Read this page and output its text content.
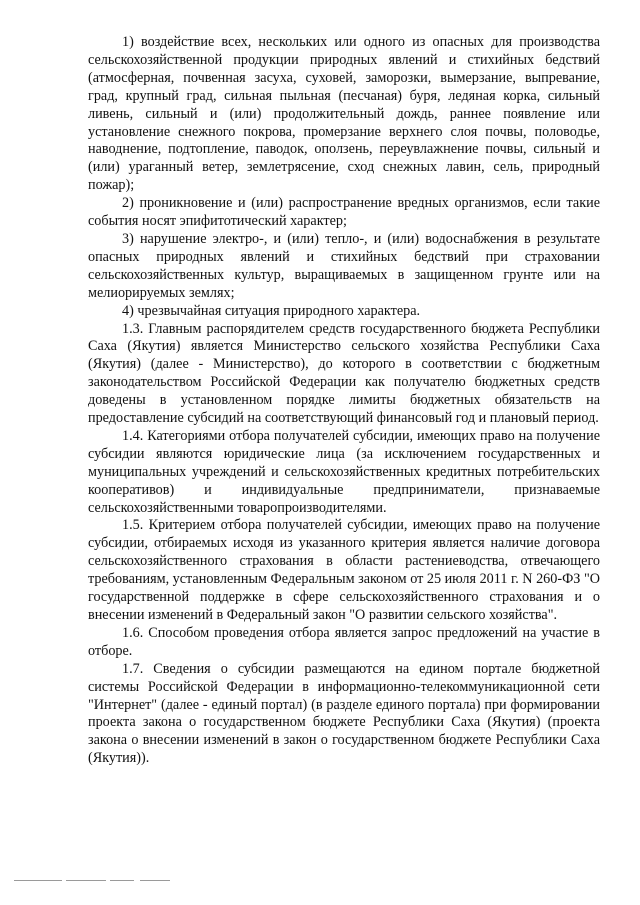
1) воздействие всех, нескольких или одного из опасных для производства сельскохозяйственной продукции природных явлений и стихийных бедствий (атмосферная, почвенная засуха, суховей, заморозки, вымерзание, выпревание, град, крупный град, сильная пыльная (песчаная) буря, ледяная корка, сильный ливень, сильный и (или) продолжительный дождь, раннее появление или установление снежного покрова, промерзание верхнего слоя почвы, половодье, наводнение, подтопление, паводок, оползень, переувлажнение почвы, сильный и (или) ураганный ветер, землетрясение, сход снежных лавин, сель, природный пожар);

2) проникновение и (или) распространение вредных организмов, если такие события носят эпифитотический характер;

3) нарушение электро-, и (или) тепло-, и (или) водоснабжения в результате опасных природных явлений и стихийных бедствий при страховании сельскохозяйственных культур, выращиваемых в защищенном грунте или на мелиорируемых землях;

4) чрезвычайная ситуация природного характера.

1.3. Главным распорядителем средств государственного бюджета Республики Саха (Якутия) является Министерство сельского хозяйства Республики Саха (Якутия) (далее - Министерство), до которого в соответствии с бюджетным законодательством Российской Федерации как получателю бюджетных средств доведены в установленном порядке лимиты бюджетных обязательств на предоставление субсидий на соответствующий финансовый год и плановый период.

1.4. Категориями отбора получателей субсидии, имеющих право на получение субсидии являются юридические лица (за исключением государственных и муниципальных учреждений и сельскохозяйственных кредитных потребительских кооперативов) и индивидуальные предприниматели, признаваемые сельскохозяйственными товаропроизводителями.

1.5. Критерием отбора получателей субсидии, имеющих право на получение субсидии, отбираемых исходя из указанного критерия является наличие договора сельскохозяйственного страхования в области растениеводства, отвечающего требованиям, установленным Федеральным законом от 25 июля 2011 г. N 260-ФЗ "О государственной поддержке в сфере сельскохозяйственного страхования и о внесении изменений в Федеральный закон "О развитии сельского хозяйства".

1.6. Способом проведения отбора является запрос предложений на участие в отборе.

1.7. Сведения о субсидии размещаются на едином портале бюджетной системы Российской Федерации в информационно-телекоммуникационной сети "Интернет" (далее - единый портал) (в разделе единого портала) при формировании проекта закона о государственном бюджете Республики Саха (Якутия) (проекта закона о внесении изменений в закон о государственном бюджете Республики Саха (Якутия)).
